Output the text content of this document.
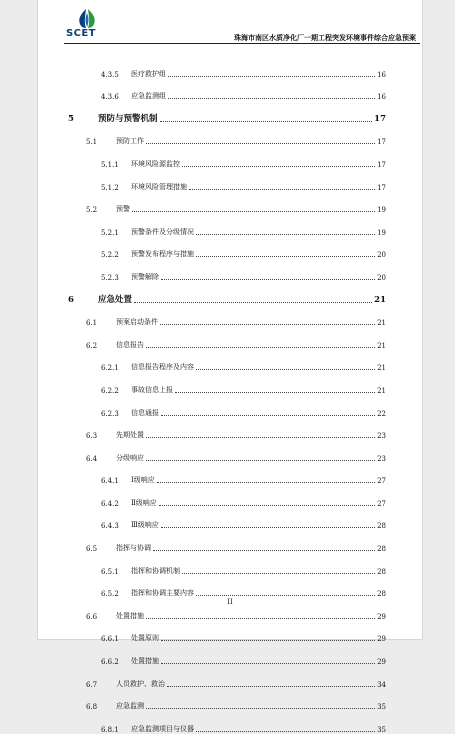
SCET	珠海市南区水质净化厂一期工程突发环境事件综合应急预案
4.3.5	医疗救护组	16
4.3.6	应急监测组	16
5	预防与预警机制	17
5.1	预防工作	17
5.1.1	环境风险源监控	17
5.1.2	环境风险管理措施	17
5.2	预警	19
5.2.1	预警条件及分级情况	19
5.2.2	预警发布程序与措施	20
5.2.3	预警解除	20
6	应急处置	21
6.1	预案启动条件	21
6.2	信息报告	21
6.2.1	信息报告程序及内容	21
6.2.2	事故信息上报	21
6.2.3	信息通报	22
6.3	先期处置	23
6.4	分级响应	23
6.4.1	Ⅰ级响应	27
6.4.2	Ⅱ级响应	27
6.4.3	Ⅲ级响应	28
6.5	指挥与协调	28
6.5.1	指挥和协调机制	28
6.5.2	指挥和协调主要内容	28
6.6	处置措施	29
6.6.1	处置原则	29
6.6.2	处置措施	29
6.7	人员救护、救治	34
6.8	应急监测	35
6.8.1	应急监测项目与仪器	35
II
